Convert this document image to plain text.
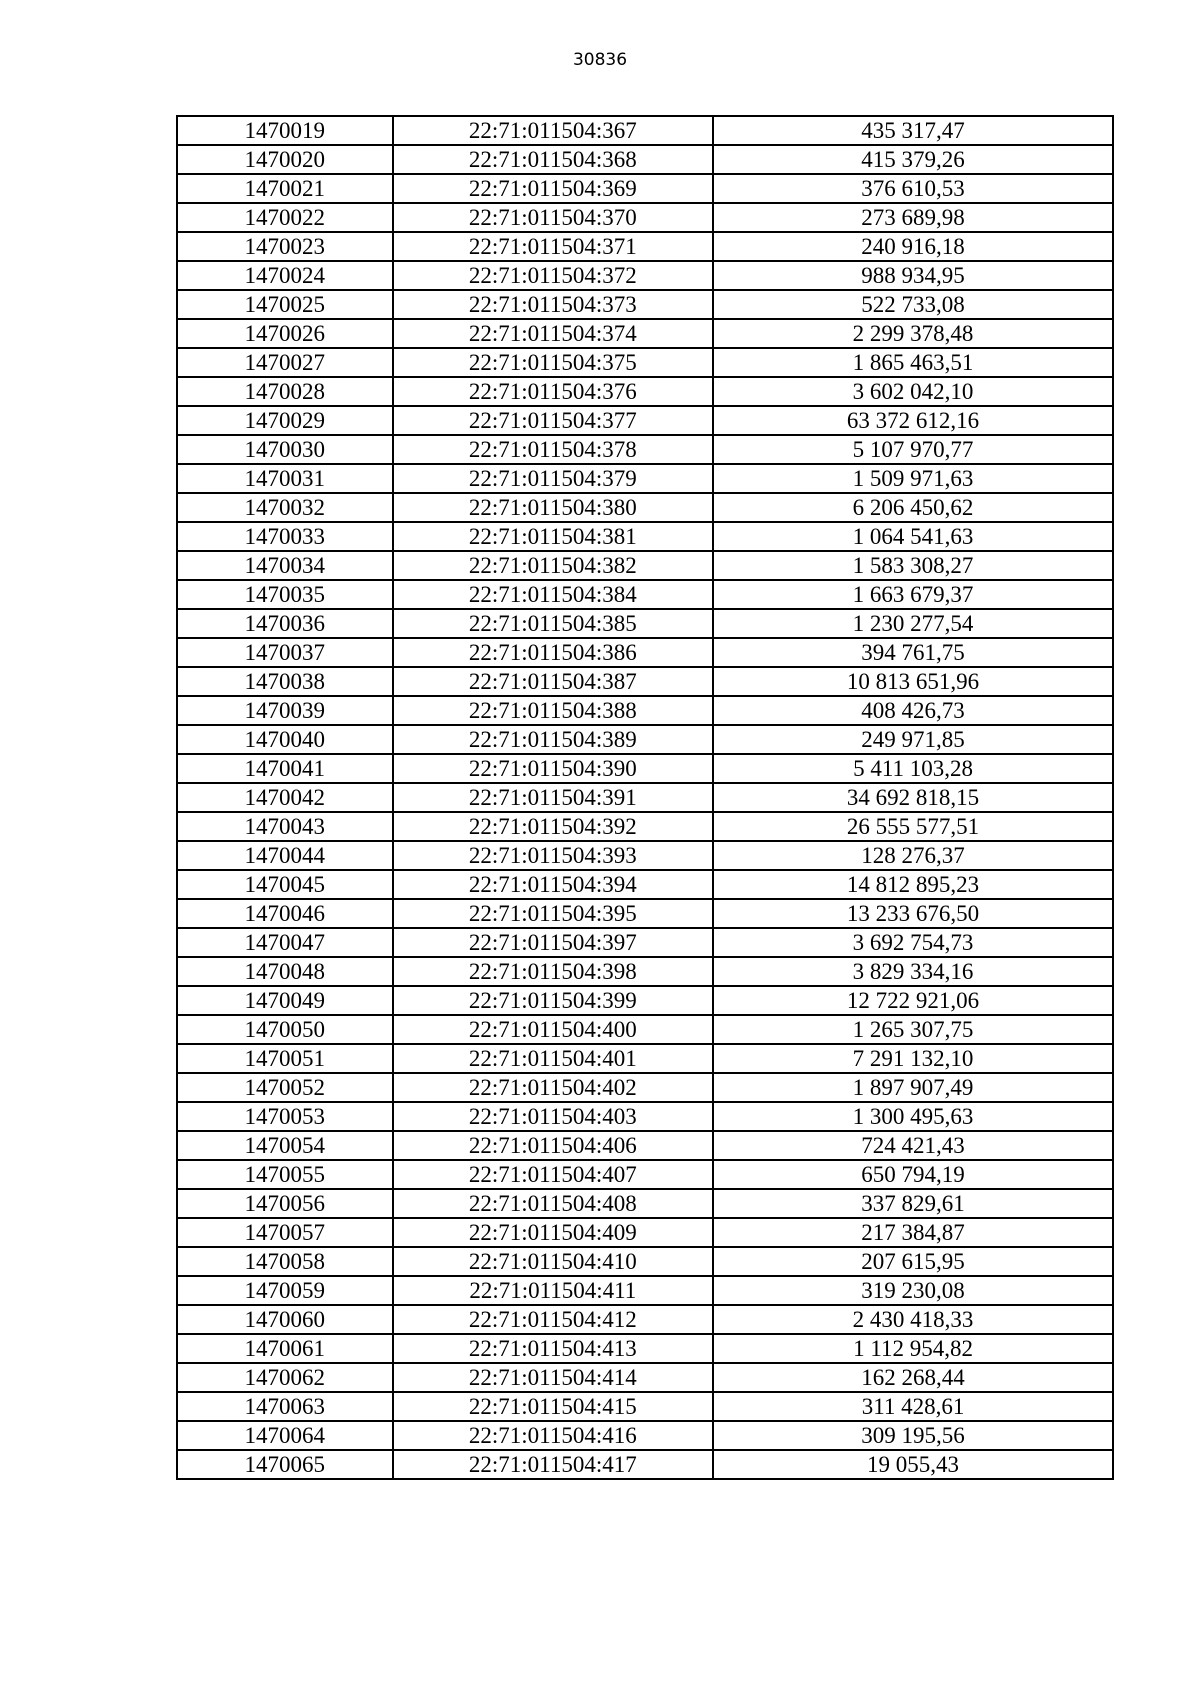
30836
1470019	22:71:011504:367	435 317,47
1470020	22:71:011504:368	415 379,26
1470021	22:71:011504:369	376 610,53
1470022	22:71:011504:370	273 689,98
1470023	22:71:011504:371	240 916,18
1470024	22:71:011504:372	988 934,95
1470025	22:71:011504:373	522 733,08
1470026	22:71:011504:374	2 299 378,48
1470027	22:71:011504:375	1 865 463,51
1470028	22:71:011504:376	3 602 042,10
1470029	22:71:011504:377	63 372 612,16
1470030	22:71:011504:378	5 107 970,77
1470031	22:71:011504:379	1 509 971,63
1470032	22:71:011504:380	6 206 450,62
1470033	22:71:011504:381	1 064 541,63
1470034	22:71:011504:382	1 583 308,27
1470035	22:71:011504:384	1 663 679,37
1470036	22:71:011504:385	1 230 277,54
1470037	22:71:011504:386	394 761,75
1470038	22:71:011504:387	10 813 651,96
1470039	22:71:011504:388	408 426,73
1470040	22:71:011504:389	249 971,85
1470041	22:71:011504:390	5 411 103,28
1470042	22:71:011504:391	34 692 818,15
1470043	22:71:011504:392	26 555 577,51
1470044	22:71:011504:393	128 276,37
1470045	22:71:011504:394	14 812 895,23
1470046	22:71:011504:395	13 233 676,50
1470047	22:71:011504:397	3 692 754,73
1470048	22:71:011504:398	3 829 334,16
1470049	22:71:011504:399	12 722 921,06
1470050	22:71:011504:400	1 265 307,75
1470051	22:71:011504:401	7 291 132,10
1470052	22:71:011504:402	1 897 907,49
1470053	22:71:011504:403	1 300 495,63
1470054	22:71:011504:406	724 421,43
1470055	22:71:011504:407	650 794,19
1470056	22:71:011504:408	337 829,61
1470057	22:71:011504:409	217 384,87
1470058	22:71:011504:410	207 615,95
1470059	22:71:011504:411	319 230,08
1470060	22:71:011504:412	2 430 418,33
1470061	22:71:011504:413	1 112 954,82
1470062	22:71:011504:414	162 268,44
1470063	22:71:011504:415	311 428,61
1470064	22:71:011504:416	309 195,56
1470065	22:71:011504:417	19 055,43
